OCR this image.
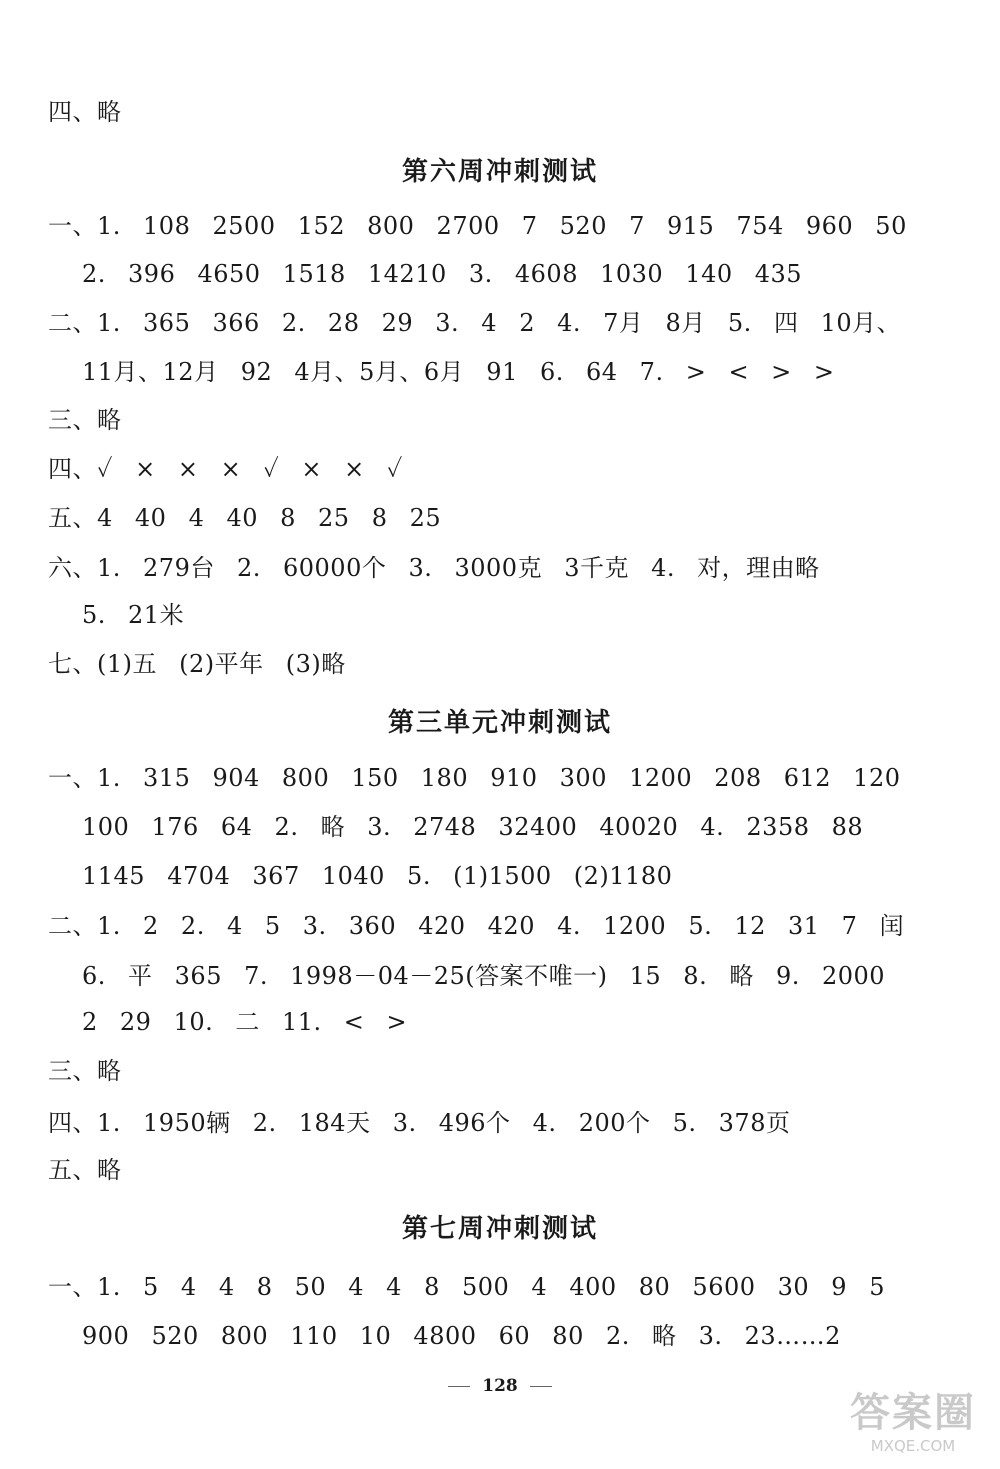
四、略
第六周冲刺测试
一、1. 108 2500 152 800 2700 7 520 7 915 754 960 50
2. 396 4650 1518 14210 3. 4608 1030 140 435
二、1. 365 366 2. 28 29 3. 4 2 4. 7月 8月 5. 四 10月、
11月、12月 92 4月、5月、6月 91 6. 64 7. > < > >
三、略
四、✓ × × × ✓ × × ✓
五、4 40 4 40 8 25 8 25
六、1. 279台 2. 60000个 3. 3000克 3千克 4. 对，理由略
5. 21米
七、(1)五 (2)平年 (3)略
第三单元冲刺测试
一、1. 315 904 800 150 180 910 300 1200 208 612 120
100 176 64 2. 略 3. 2748 32400 40020 4. 2358 88
1145 4704 367 1040 5. (1)1500 (2)1180
二、1. 2 2. 4 5 3. 360 420 420 4. 1200 5. 12 31 7 闰
6. 平 365 7. 1998－04－25(答案不唯一) 15 8. 略 9. 2000
2 29 10. 二 11. < >
三、略
四、1. 1950辆 2. 184天 3. 496个 4. 200个 5. 378页
五、略
第七周冲刺测试
一、1. 5 4 4 8 50 4 4 8 500 4 400 80 5600 30 9 5
900 520 800 110 10 4800 60 80 2. 略 3. 23……2
128
答案圈
MXQE.COM
